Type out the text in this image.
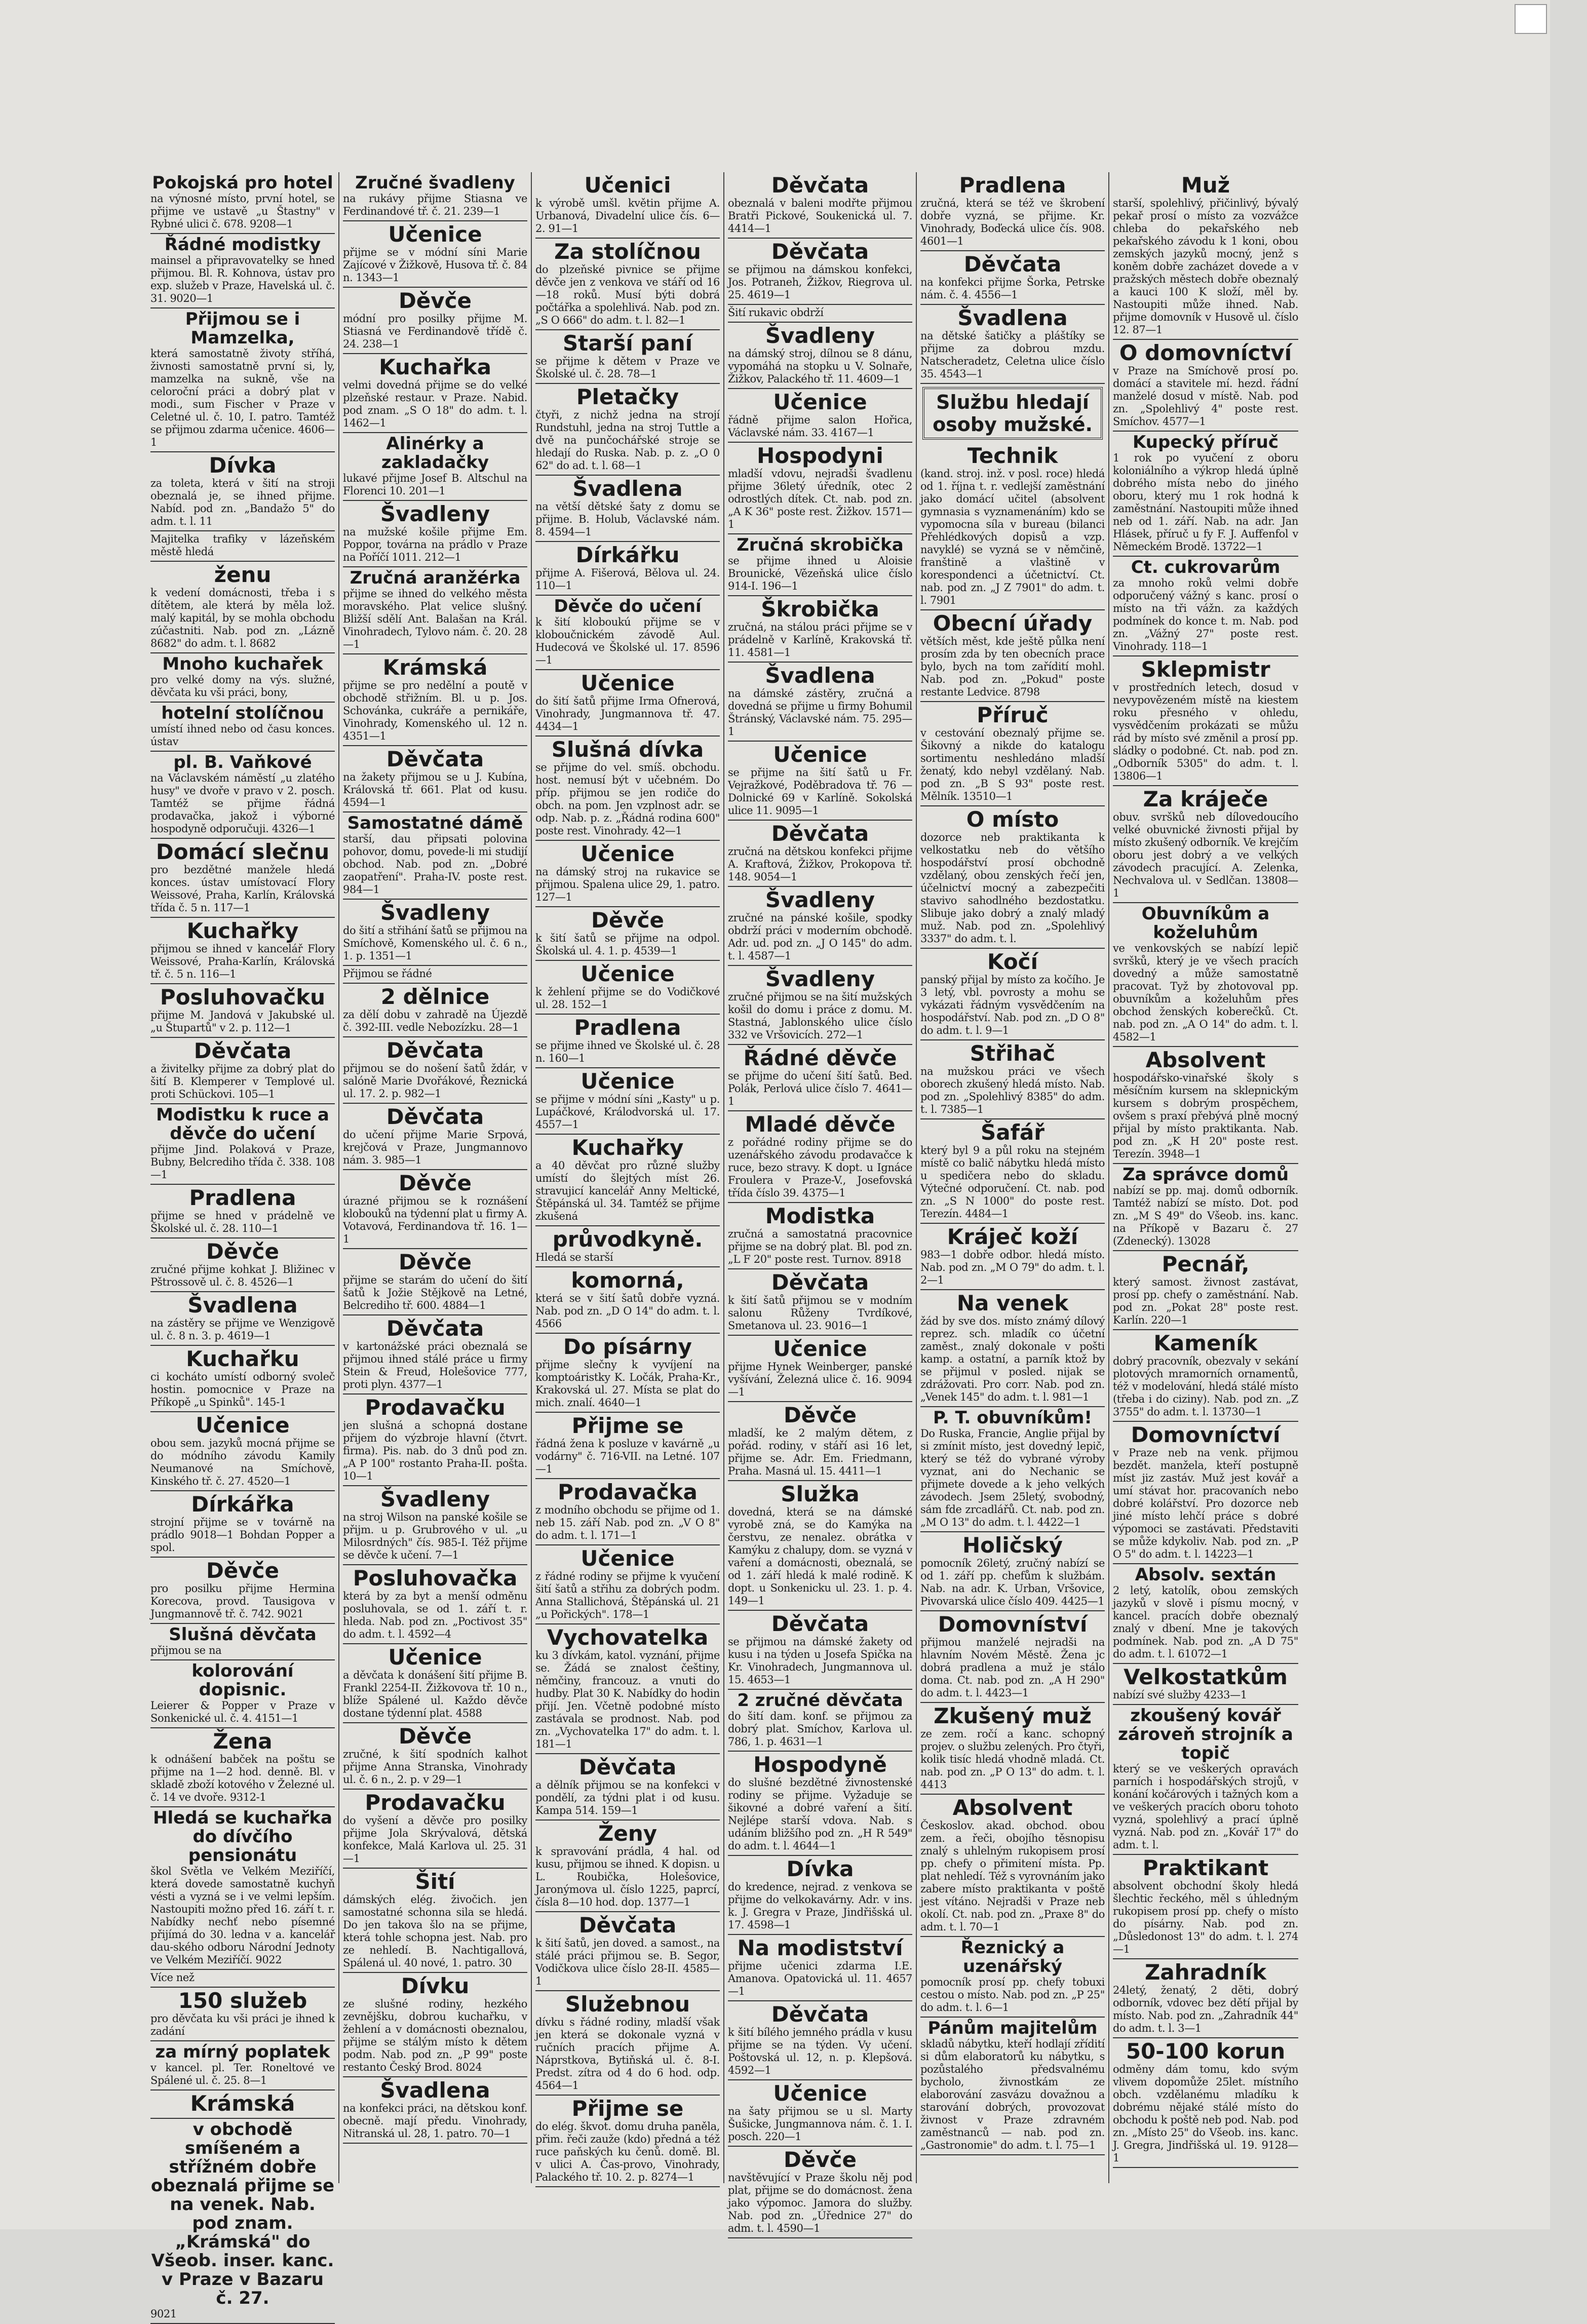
Pokojská pro hotel
na výnosné místo, první hotel, se přijme ve ustavě „u Štastny" v Rybné ulici č. 678. 9208—1
Řádné modistky
mainsel a připravovatelky se hned přijmou. Bl. R. Kohnova, ústav pro exp. služeb v Praze, Havelská ul. č. 31. 9020—1
Přijmou se i Mamzelka,
která samostatně životy stříhá, živnosti samostatně první si, ly, mamzelka na sukně, vše na celoroční práci a dobrý plat v modi., sum Fischer v Praze v Celetné ul. č. 10, I. patro. Tamtéž se přijmou zdarma učenice. 4606—1
Dívka
za toleta, která v šití na stroji obeznalá je, se ihned přijme. Nabíd. pod zn. „Bandažo 5" do adm. t. l. 11
Majitelka trafiky v lázeňském městě hledá
ženu
k vedení domácnosti, třeba i s dítětem, ale která by měla lož. malý kapitál, by se mohla obchodu zúčastniti. Nab. pod zn. „Lázně 8682" do adm. t. l. 8682
Mnoho kuchařek
pro velké domy na výs. služné, děvčata ku vši práci, bony,
hotelní stolíčnou
umístí ihned nebo od času konces. ústav
pl. B. Vaňkové
na Václavském náměstí „u zlatého husy" ve dvoře v pravo v 2. posch. Tamtéž se přijme řádná prodavačka, jakož i výborné hospodyně odporučuji. 4326—1
Domácí slečnu
pro bezdětné manžele hledá konces. ústav umístovací Flory Weissové, Praha, Karlín, Královská třída č. 5 n. 117—1
Kuchařky
přijmou se ihned v kancelář Flory Weissové, Praha-Karlín, Královská tř. č. 5 n. 116—1
Posluhovačku
přijme M. Jandová v Jakubské ul. „u Štupartů" v 2. p. 112—1
Děvčata
a živitelky přijme za dobrý plat do šití B. Klemperer v Templové ul. proti Schückovi. 105—1
Modistku k ruce a děvče do učení
přijme Jind. Polaková v Praze, Bubny, Belcrediho třída č. 338. 108—1
Pradlena
přijme se hned v prádelně ve Školské ul. č. 28. 110—1
Děvče
zručné přijme kohkat J. Bližinec v Pštrossově ul. č. 8. 4526—1
Švadlena
na zástěry se přijme ve Wenzigově ul. č. 8 n. 3. p. 4619—1
Kuchařku
ci kocháto umístí odborný svoleč hostin. pomocnice v Praze na Příkopě „u Spinků". 145-1
Učenice
obou sem. jazyků mocná přijme se do módního závodu Kamily Neumanové na Smíchově, Kinského tř. č. 27. 4520—1
Dírkářka
strojní přijme se v továrně na prádlo 9018—1 Bohdan Popper a spol.
Děvče
pro posilku přijme Hermina Korecova, provd. Tausigova v Jungmannově tř. č. 742. 9021
Slušná děvčata
přijmou se na
kolorování dopisnic.
Leierer & Popper v Praze v Sonkenické ul. č. 4. 4151—1
Žena
k odnášení babček na poštu se přijme na 1—2 hod. denně. Bl. v skladě zboží kotového v Železné ul. č. 14 ve dvoře. 9312-1
Hledá se kuchařka do dívčího pensionátu
škol Světla ve Velkém Meziříčí, která dovede samostatně kuchyň vésti a vyzná se i ve velmi lepším. Nastoupiti možno před 16. září t. r. Nabídky nechť nebo písemné přijímá do 30. ledna v a. kancelář dau-ského odboru Národní Jednoty ve Velkém Meziříčí. 9022
Více než
150 služeb
pro děvčata ku vši práci je ihned k zadání
za mírný poplatek
v kancel. pl. Ter. Roneltové ve Spálené ul. č. 25. 8—1
Krámská
v obchodě smíšeném a střížném dobře obeznalá přijme se na venek. Nab. pod znam. „Krámská" do Všeob. inser. kanc. v Praze v Bazaru č. 27.
9021
Zručné švadleny
na rukávy přijme Stiasna ve Ferdinandové tř. č. 21. 239—1
Učenice
přijme se v módní síni Marie Zajícové v Žižkově, Husova tř. č. 84 n. 1343—1
Děvče
módní pro posilky přijme M. Stiasná ve Ferdinandově třídě č. 24. 238—1
Kuchařka
velmi dovedná přijme se do velké plzeňské restaur. v Praze. Nabid. pod znam. „S O 18" do adm. t. l. 1462—1
Alinérky a zakladačky
lukavé přijme Josef B. Altschul na Florenci 10. 201—1
Švadleny
na mužské košile přijme Em. Poppor, továrna na prádlo v Praze na Poříčí 1011. 212—1
Zručná aranžérka
přijme se ihned do velkého města moravského. Plat velice slušný. Bližší sdělí Ant. Balašan na Král. Vinohradech, Tylovo nám. č. 20. 28—1
Krámská
přijme se pro nedělní a poutě v obchodě střižním. Bl. u p. Jos. Schovánka, cukráře a pernikáře, Vinohrady, Komenského ul. 12 n. 4351—1
Děvčata
na žakety přijmou se u J. Kubína, Královská tř. 661. Plat od kusu. 4594—1
Samostatné dámě
starší, dau připsati polovina pohovor, domu, povede-li mi studijí obchod. Nab. pod zn. „Dobré zaopatření". Praha-IV. poste rest. 984—1
Švadleny
do šití a střihání šatů se přijmou na Smíchově, Komenského ul. č. 6 n., 1. p. 1351—1
Přijmou se řádné
2 dělnice
za dělí dobu v zahradě na Újezdě č. 392-III. vedle Nebozízku. 28—1
Děvčata
přijmou se do nošení šatů ždár, v salóně Marie Dvořákové, Řeznická ul. 17. 2. p. 982—1
Děvčata
do učení přijme Marie Srpová, krejčová v Praze, Jungmannovo nám. 3. 985—1
Děvče
úrazné přijmou se k roznášení klobouků na týdenní plat u firmy A. Votavová, Ferdinandova tř. 16. 1—1
Děvče
přijme se starám do učení do šití šatů k Jožie Stějkově na Letné, Belcrediho tř. 600. 4884—1
Děvčata
v kartonážské práci obeznalá se přijmou ihned stálé práce u firmy Stein & Freud, Holešovice 777, proti plyn. 4377—1
Prodavačku
jen slušná a schopná dostane přijem do výzbroje hlavní (čtvrt. firma). Pis. nab. do 3 dnů pod zn. „A P 100" rostanto Praha-II. pošta. 10—1
Švadleny
na stroj Wilson na panské košile se přijm. u p. Grubrového v ul. „u Milosrdných" čís. 985-I. Též přijme se děvče k učení. 7—1
Posluhovačka
která by za byt a menší odměnu posluhovala, se od 1. září t. r. hleda. Nab. pod zn. „Poctivost 35" do adm. t. l. 4592—4
Učenice
a děvčata k donášení šití přijme B. Frankl 2254-II. Žižkovova tř. 10 n., blíže Spálené ul. Každo děvče dostane týdenní plat. 4588
Děvče
zručné, k šití spodních kalhot přijme Anna Stranska, Vinohrady ul. č. 6 n., 2. p. v 29—1
Prodavačku
do vyšení a děvče pro posilky přijme Jola Skrývalová, dětská konfekce, Malá Karlova ul. 25. 31—1
Šití
dámských elég. živočich. jen samostatné schonna sila se hledá. Do jen takova šlo na se přijme, která tohle schopna jest. Nab. pro ze nehledí. B. Nachtigallová, Spálená ul. 40 nové, 1. patro. 30
Dívku
ze slušné rodiny, hezkého zevnějšku, dobrou kuchařku, v žehlení a v domácnosti obeznalou, přijme se stálým místo k dětem podm. Nab. pod zn. „P 99" poste restanto Český Brod. 8024
Švadlena
na konfekci práci, na dětskou konf. obecně. mají předu. Vinohrady, Nitranská ul. 28, 1. patro. 70—1
Učenici
k výrobě umšl. květin přijme A. Urbanová, Divadelní ulice čís. 6—2. 91—1
Za stolíčnou
do plzeňské pivnice se přijme děvče jen z venkova ve stáří od 16—18 roků. Musí býti dobrá počtářka a spolehlivá. Nab. pod zn. „S O 666" do adm. t. l. 82—1
Starší paní
se přijme k dětem v Praze ve Školské ul. č. 28. 78—1
Pletačky
čtyři, z nichž jedna na strojí Rundstuhl, jedna na stroj Tuttle a dvě na punčochářské stroje se hledají do Ruska. Nab. p. z. „O 0 62" do ad. t. l. 68—1
Švadlena
na větší dětské šaty z domu se přijme. B. Holub, Václavské nám. 8. 4594—1
Dírkářku
přijme A. Fišerová, Bělova ul. 24. 110—1
Děvče do učení
k šití kloboukú přijme se v kloboučnickém závodě Aul. Hudecová ve Školské ul. 17. 8596—1
Učenice
do šití šatů přijme Irma Ofnerová, Vinohrady, Jungmannova tř. 47. 4434—1
Slušná dívka
se přijme do vel. smíš. obchodu. host. nemusí být v učebném. Do příp. přijmou se jen rodiče do obch. na pom. Jen vzplnost adr. se odp. Nab. p. z. „Řádná rodina 600" poste rest. Vinohrady. 42—1
Učenice
na dámský stroj na rukavice se přijmou. Spalena ulice 29, 1. patro. 127—1
Děvče
k šití šatů se přijme na odpol. Školská ul. 4. 1. p. 4539—1
Učenice
k žehlení přijme se do Vodičkové ul. 28. 152—1
Pradlena
se přijme ihned ve Školské ul. č. 28 n. 160—1
Učenice
se přijme v módní síni „Kasty" u p. Lupáčkové, Králodvorská ul. 17. 4557—1
Kuchařky
a 40 děvčat pro různé služby umístí do šlejtých míst 26. stravujicí kancelář Anny Meltické, Štěpánská ul. 34. Tamtéž se přijme zkušená
průvodkyně.
Hledá se starší
komorná,
která se v šití šatů dobře vyzná. Nab. pod zn. „D O 14" do adm. t. l. 4566
Do písárny
přijme slečny k vyvíjení na komptoáristky K. Ločák, Praha-Kr., Krakovská ul. 27. Místa se plat do mich. znalí. 4640—1
Přijme se
řádná žena k posluze v kavárně „u vodárny" č. 716-VII. na Letné. 107—1
Prodavačka
z modního obchodu se přijme od 1. neb 15. září Nab. pod zn. „V O 8" do adm. t. l. 171—1
Učenice
z řádné rodiny se přijme k vyučení šití šatů a střihu za dobrých podm. Anna Stallichová, Štěpánská ul. 21 „u Pořických". 178—1
Vychovatelka
ku 3 dívkám, katol. vyznání, přijme se. Žádá se znalost češtiny, němčiny, francouz. a vnuti do hudby. Plat 30 K. Nabídky do hodin přijí. Jen. Včetně podobné místo zastávala se prodnost. Nab. pod zn. „Vychovatelka 17" do adm. t. l. 181—1
Děvčata
a dělník přijmou se na konfekci v pondělí, za týdni plat i od kusu. Kampa 514. 159—1
Ženy
k spravování prádla, 4 hal. od kusu, přijmou se ihned. K dopisn. u L. Roubička, Holešovice, Jaronýmova ul. číslo 1225, paprcí, čísla 8—10 hod. dop. 1377—1
Děvčata
k šití šatů, jen doved. a samost., na stálé práci přijmou se. B. Segor, Vodičkova ulice číslo 28-II. 4585—1
Služebnou
dívku s řádné rodiny, mladší však jen která se dokonale vyzná v ručních pracích přijme A. Náprstkova, Bytiňská ul. č. 8-I. Predst. zítra od 4 do 6 hod. odp. 4564—1
Přijme se
do elég. škvot. domu druha paněla, přim. řeči zauže (kdo) předná a též ruce paňských ku čenů. domě. Bl. v ulici A. Čas-provo, Vinohrady, Palackého tř. 10. 2. p. 8274—1
Děvčata
obeznalá v baleni modřte přijmou Bratři Pickové, Soukenická ul. 7. 4414—1
Děvčata
se přijmou na dámskou konfekci, Jos. Potraneh, Žižkov, Riegrova ul. 25. 4619—1
Šití rukavic obdrží
Švadleny
na dámský stroj, dílnou se 8 dánu, vypomáhá na stopku u V. Solnaře, Žižkov, Palackého tř. 11. 4609—1
Učenice
řádně přijme salon Hořica, Václavské nám. 33. 4167—1
Hospodyni
mladší vdovu, nejradši švadlenu přijme 36letý úředník, otec 2 odrostlých dítek. Ct. nab. pod zn. „A K 36" poste rest. Žižkov. 1571—1
Zručná skrobička
se přijme ihned u Aloisie Brounické, Vězeňská ulice číslo 914-I. 196—1
Škrobička
zručná, na stálou práci přijme se v prádelně v Karlíně, Krakovská tř. 11. 4581—1
Švadlena
na dámské zástěry, zručná a dovedná se přijme u firmy Bohumil Štránský, Václavské nám. 75. 295—1
Učenice
se přijme na šití šatů u Fr. Vejražkové, Poděbradova tř. 76 — Dolnické 69 v Karlíně. Sokolská ulice 11. 9095—1
Děvčata
zručná na dětskou konfekci přijme A. Kraftová, Žižkov, Prokopova tř. 148. 9054—1
Švadleny
zručné na pánské košile, spodky obdrží práci v moderním obchodě. Adr. ud. pod zn. „J O 145" do adm. t. l. 4587—1
Švadleny
zručné přijmou se na šití mužských košil do domu i práce z domu. M. Stastná, Jablonského ulice číslo 332 ve Vršovicích. 272—1
Řádné děvče
se přijme do učení šití šatů. Bed. Polák, Perlová ulice číslo 7. 4641—1
Mladé děvče
z pořádné rodiny přijme se do uzenářského závodu prodavačce k ruce, bezo stravy. K dopt. u Ignáce Froulera v Praze-V., Josefovská třída číslo 39. 4375—1
Modistka
zručná a samostatná pracovnice přijme se na dobrý plat. Bl. pod zn. „L F 20" poste rest. Turnov. 8918
Děvčata
k šití šatů přijmou se v modním salonu Růženy Tvrdíkové, Smetanova ul. 23. 9016—1
Učenice
přijme Hynek Weinberger, panské vyšívání, Železná ulice č. 16. 9094—1
Děvče
mladší, ke 2 malým dětem, z pořád. rodiny, v stáří asi 16 let, přijme se. Adr. Em. Friedmann, Praha. Masná ul. 15. 4411—1
Služka
dovedná, která se na dámské vyrobě zná, se do Kamýka na čerstvu, ze nenalez. obrátka v Kamýku z chalupy, dom. se vyzná v vaření a domácnosti, obeznalá, se od 1. září hledá k malé rodině. K dopt. u Sonkenicku ul. 23. 1. p. 4. 149—1
Děvčata
se přijmou na dámské žakety od kusu i na týden u Josefa Spička na Kr. Vinohradech, Jungmannova ul. 15. 4653—1
2 zručné děvčata
do šití dam. konf. se přijmou za dobrý plat. Smíchov, Karlova ul. 786, 1. p. 4631—1
Hospodyně
do slušné bezdětné živnostenské rodiny se přijme. Vyžaduje se šikovné a dobré vaření a šití. Nejlépe starší vdova. Nab. s udáním bližšího pod zn. „H R 549" do adm. t. l. 4644—1
Dívka
do kredence, nejrad. z venkova se přijme do velkokavárny. Adr. v ins. k. J. Gregra v Praze, Jindřišská ul. 17. 4598—1
Na modistství
přijme učenici zdarma I.E. Amanova. Opatovická ul. 11. 4657—1
Děvčata
k šití bílého jemného prádla v kusu přijme se na týden. Vy učení. Poštovská ul. 12, n. p. Klepšová. 4592—1
Učenice
na šaty přijmou se u sl. Marty Šušicke, Jungmannova nám. č. 1. I. posch. 220—1
Děvče
navštěvující v Praze školu něj pod plat, přijme se do domácnost. žena jako výpomoc. Jamora do služby. Nab. pod zn. „Úřednice 27" do adm. t. l. 4590—1
Pradlena
zručná, která se též ve škrobení dobře vyzná, se přijme. Kr. Vinohrady, Boďecká ulice čís. 908. 4601—1
Děvčata
na konfekci přijme Šorka, Petrske nám. č. 4. 4556—1
Švadlena
na dětské šatičky a pláštíky se přijme za dobrou mzdu. Natscheradetz, Celetna ulice číslo 35. 4543—1
Službu hledají osoby mužské.
Technik
(kand. stroj. inž. v posl. roce) hledá od 1. října t. r. vedlejší zaměstnání jako domácí učitel (absolvent gymnasia s vyznamenáním) kdo se vypomocna síla v bureau (bilanci Přehlédkových dopisů a vzp. navyklé) se vyzná se v němčině, franštině a vlaštině v korespondenci a účetnictví. Ct. nab. pod zn. „J Z 7901" do adm. t. l. 7901
Obecní úřady
větších měst, kde ještě půlka není prosím zda by ten obecních prace bylo, bych na tom zařídití mohl. Nab. pod zn. „Pokud" poste restante Ledvice. 8798
Příruč
v cestování obeznalý přijme se. Šikovný a nikde do katalogu sortimentu neshledáno mladší ženatý, kdo nebyl vzdělaný. Nab. pod zn. „B S 93" poste rest. Mělník. 13510—1
O místo
dozorce neb praktikanta k velkostatku neb do většího hospodářství prosí obchodně vzdělaný, obou zenských řečí jen, účelnictví mocný a zabezpečiti stavivo sahodlného bezdostatku. Slibuje jako dobrý a znalý mladý muž. Nab. pod zn. „Spolehlivý 3337" do adm. t. l.
Kočí
panský přijal by místo za kočího. Je 3 letý, vbl. povrosty a mohu se vykázati řádným vysvědčením na hospodářství. Nab. pod zn. „D O 8" do adm. t. l. 9—1
Střihač
na mužskou práci ve všech oborech zkušený hledá místo. Nab. pod zn. „Spolehlivý 8385" do adm. t. l. 7385—1
Šafář
který byl 9 a půl roku na stejném místě co balič nábytku hledá místo u spedičera nebo do skladu. Výtečné odporučení. Ct. nab. pod zn. „S N 1000" do poste rest. Terezín. 4484—1
Kráječ koží
983—1 dobře odbor. hledá místo. Nab. pod zn. „M O 79" do adm. t. l. 2—1
Na venek
žád by sve dos. místo známý dílový reprez. sch. mladík co účetní zaměst., znalý dokonale v pošti kamp. a ostatní, a parník ktož by se přijmul v posled. nijak se zdrážovati. Pro corr. Nab. pod zn. „Venek 145" do adm. t. l. 981—1
P. T. obuvníkům!
Do Ruska, Francie, Anglie přijal by si zmínit místo, jest dovedný lepič, který se též do vybrané výroby vyznat, ani do Nechanic se přijmete dovede a k jeho velkých závodech. Jsem 25letý, svobodný, sám fde zrcadlářů. Ct. nab. pod zn. „M O 13" do adm. t. l. 4422—1
Holičský
pomocník 26letý, zručný nabízí se od 1. září pp. chefům k službám. Nab. na adr. K. Urban, Vršovice, Pivovarská ulice číslo 409. 4425—1
Domovníství
přijmou manželé nejradši na hlavním Novém Městě. Žena jc dobrá pradlena a muž je stálo doma. Ct. nab. pod zn. „A H 290" do adm. t. l. 4423—1
Zkušený muž
ze zem. ročí a kanc. schopný projev. o službu zelených. Pro čtyři, kolik tisíc hledá vhodně mladá. Ct. nab. pod zn. „P O 13" do adm. t. l. 4413
Absolvent
Českoslov. akad. obchod. obou zem. a řeči, obojího těsnopisu znalý s uhlelným rukopisem prosí pp. chefy o přimitení místa. Pp. plat nehledí. Též s vyrovnáním jako zabere místo praktikanta v poště jest vítáno. Nejradši v Praze neb okolí. Ct. nab. pod zn. „Praxe 8" do adm. t. l. 70—1
Řeznický a uzenářský
pomocník prosí pp. chefy tobuxi cestou o místo. Nab. pod zn. „P 25" do adm. t. l. 6—1
Pánům majitelům
skladů nábytku, kteří hodlají zřídití si dům elaboratorů ku nábytku, s pozůstalého předsvalnému bycholo, živnostkám ze elaborování zasvázu dovažnou a starování dobrých, provozovat živnost v Praze zdravném zaměstnanců — nab. pod zn. „Gastronomie" do adm. t. l. 75—1
Muž
starší, spolehlivý, přičinlivý, bývalý pekař prosí o místo za vozvážce chleba do pekařského neb pekařského závodu k 1 koni, obou zemských jazyků mocný, jenž s koněm dobře zacházet dovede a v pražských městech dobře obeznalý a kauci 100 K složí, měl by. Nastoupiti může ihned. Nab. přijme domovník v Husově ul. číslo 12. 87—1
O domovníctví
v Praze na Smíchově prosí po. domácí a stavitele mí. hezd. řádní manželé dosud v místě. Nab. pod zn. „Spolehlivý 4" poste rest. Smíchov. 4577—1
Kupecký příruč
1 rok po vyučení z oboru koloniálního a výkrop hledá úplně dobrého místa nebo do jiného oboru, který mu 1 rok hodná k zaměstnání. Nastoupiti může ihned neb od 1. září. Nab. na adr. Jan Hlásek, příruč u fy F. J. Auffenfol v Německém Brodě. 13722—1
Ct. cukrovarům
za mnoho roků velmi dobře odporučený vážný s kanc. prosí o místo na tři vážn. za každých podmínek do konce t. m. Nab. pod zn. „Vážný 27" poste rest. Vinohrady. 118—1
Sklepmistr
v prostředních letech, dosud v nevypovězeném místě na kiestem roku přesného v ohledu, vysvědčením prokázati se můžu rád by místo své změnil a prosí pp. sládky o podobné. Ct. nab. pod zn. „Odborník 5305" do adm. t. l. 13806—1
Za kráječe
obuv. svršků neb dílovedoucího velké obuvnické živnosti přijal by místo zkušený odborník. Ve krejčím oboru jest dobrý a ve velkých závodech pracující. A. Zelenka, Nechvalova ul. v Sedlčan. 13808—1
Obuvníkům a koželuhům
ve venkovských se nabízí lepič svršků, který je ve všech pracích dovedný a může samostatně pracovat. Tyž by zhotovoval pp. obuvníkům a koželuhům přes obchod ženských koberečků. Ct. nab. pod zn. „A O 14" do adm. t. l. 4582—1
Absolvent
hospodářsko-vinařské školy s měsíčním kursem na sklepnickým kursem s dobrým prospěchem, ovšem s praxí přebývá plně mocný přijal by místo praktikanta. Nab. pod zn. „K H 20" poste rest. Terezín. 3948—1
Za správce domů
nabízí se pp. maj. domů odborník. Tamtéž nabízí se místo. Dot. pod zn. „M S 49" do Všeob. ins. kanc. na Příkopě v Bazaru č. 27 (Zdenecký). 13028
Pecnář,
který samost. živnost zastávat, prosí pp. chefy o zaměstnání. Nab. pod zn. „Pokat 28" poste rest. Karlín. 220—1
Kameník
dobrý pracovník, obezvaly v sekání plotových mramorních ornamentů, též v modelování, hledá stálé místo (třeba i do ciziny). Nab. pod zn. „Z 3755" do adm. t. l. 13730—1
Domovníctví
v Praze neb na venk. přijmou bezdět. manžela, kteří postupně míst jiz zastáv. Muž jest kovář a umí stávat hor. pracovaních nebo dobré kolářství. Pro dozorce neb jiné místo lehčí práce s dobré výpomoci se zastávati. Představiti se může kdykoliv. Nab. pod zn. „P O 5" do adm. t. l. 14223—1
Absolv. sextán
2 letý, katolík, obou zemských jazyků v slově i písmu mocný, v kancel. pracích dobře obeznalý znalý v dbení. Mne je takových podmínek. Nab. pod zn. „A D 75" do adm. t. l. 61072—1
Velkostatkům
nabízí své služby 4233—1
zkoušený kovář zároveň strojník a topič
který se ve veškerých opravách parních i hospodářských strojů, v konání kočárových i tažných kom a ve veškerých pracích oboru tohoto vyzná, spolehlivý a prací úplně vyzná. Nab. pod zn. „Kovář 17" do adm. t. l.
Praktikant
absolvent obchodní školy hledá šlechtic řeckého, měl s úhledným rukopisem prosí pp. chefy o místo do písárny. Nab. pod zn. „Důsledonost 13" do adm. t. l. 274—1
Zahradník
24letý, ženatý, 2 děti, dobrý odborník, vdovec bez dětí přijal by místo. Nab. pod zn. „Zahradník 44" do adm. t. l. 3—1
50-100 korun
odměny dám tomu, kdo svým vlivem dopomůže 25let. místního obch. vzdělanému mladíku k dobrému nějaké stálé místo do obchodu k poště neb pod. Nab. pod zn. „Místo 25" do Všeob. ins. kanc. J. Gregra, Jindřišská ul. 19. 9128—1
